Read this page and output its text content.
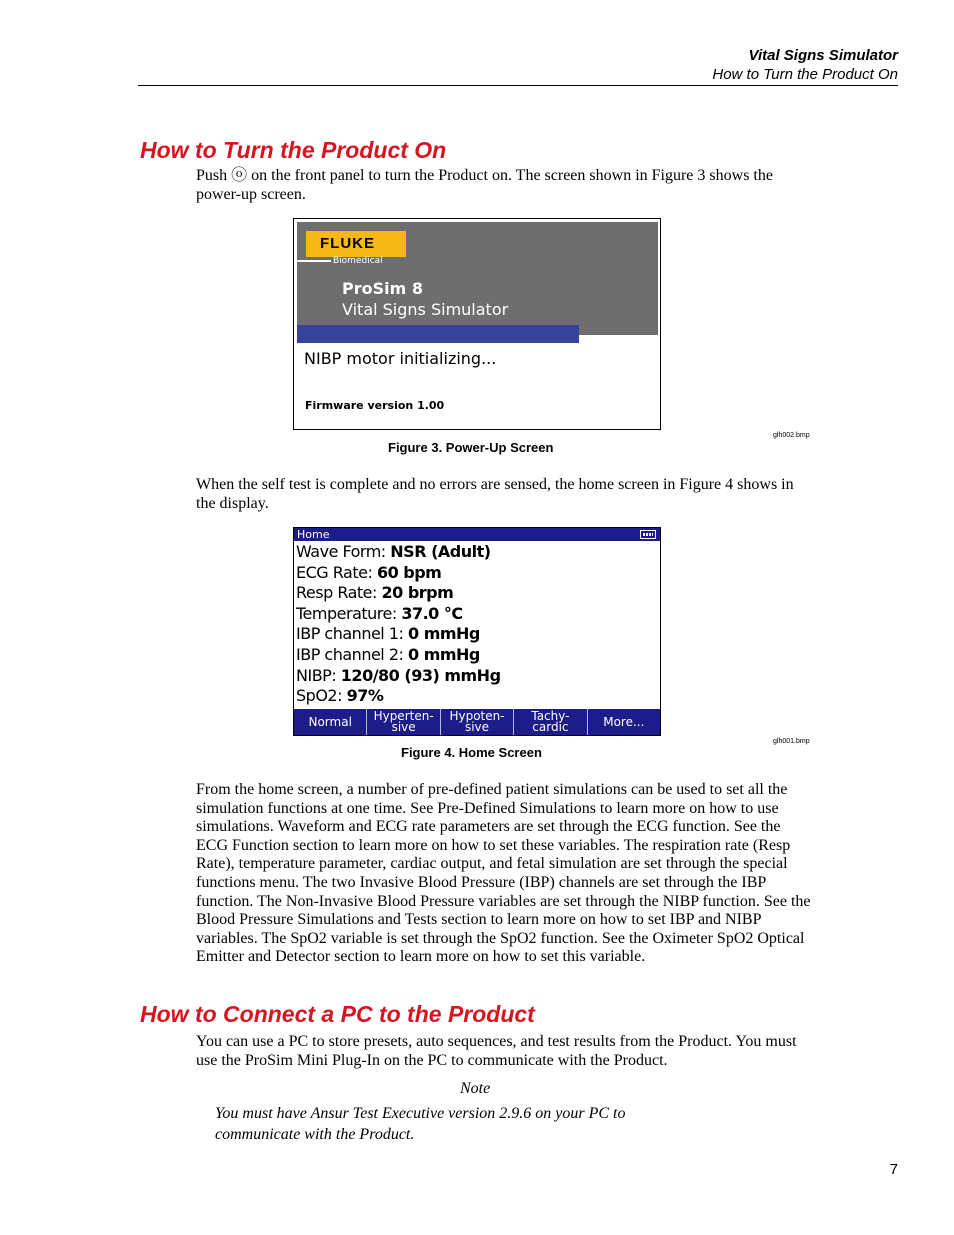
Vital Signs Simulator
How to Turn the Product On
How to Turn the Product On

Push ⓞ on the front panel to turn the Product on. The screen shown in Figure 3 shows the power-up screen.

FLUKE
Biomedical
ProSim 8
Vital Signs Simulator
NIBP motor initializing...
Firmware version 1.00
glh002.bmp
Figure 3. Power-Up Screen

When the self test is complete and no errors are sensed, the home screen in Figure 4 shows in the display.

Home
Wave Form: NSR (Adult)
ECG Rate: 60 bpm
Resp Rate: 20 brpm
Temperature: 37.0 °C
IBP channel 1: 0 mmHg
IBP channel 2: 0 mmHg
NIBP: 120/80 (93) mmHg
SpO2: 97%
Normal Hyperten-
sive
Hypoten-
sive
Tachy-
cardic	More...
glh001.bmp
Figure 4. Home Screen

From the home screen, a number of pre-defined patient simulations can be used to set all the simulation functions at one time. See Pre-Defined Simulations to learn more on how to use simulations. Waveform and ECG rate parameters are set through the ECG function. See the ECG Function section to learn more on how to set these variables. The respiration rate (Resp Rate), temperature parameter, cardiac output, and fetal simulation are set through the special functions menu. The two Invasive Blood Pressure (IBP) channels are set through the IBP function. The Non-Invasive Blood Pressure variables are set through the NIBP function. See the Blood Pressure Simulations and Tests section to learn more on how to set IBP and NIBP variables. The SpO2 variable is set through the SpO2 function. See the Oximeter SpO2 Optical Emitter and Detector section to learn more on how to set this variable.

How to Connect a PC to the Product

You can use a PC to store presets, auto sequences, and test results from the Product. You must use the ProSim Mini Plug-In on the PC to communicate with the Product.

Note
You must have Ansur Test Executive version 2.9.6 on your PC to communicate with the Product.
7
